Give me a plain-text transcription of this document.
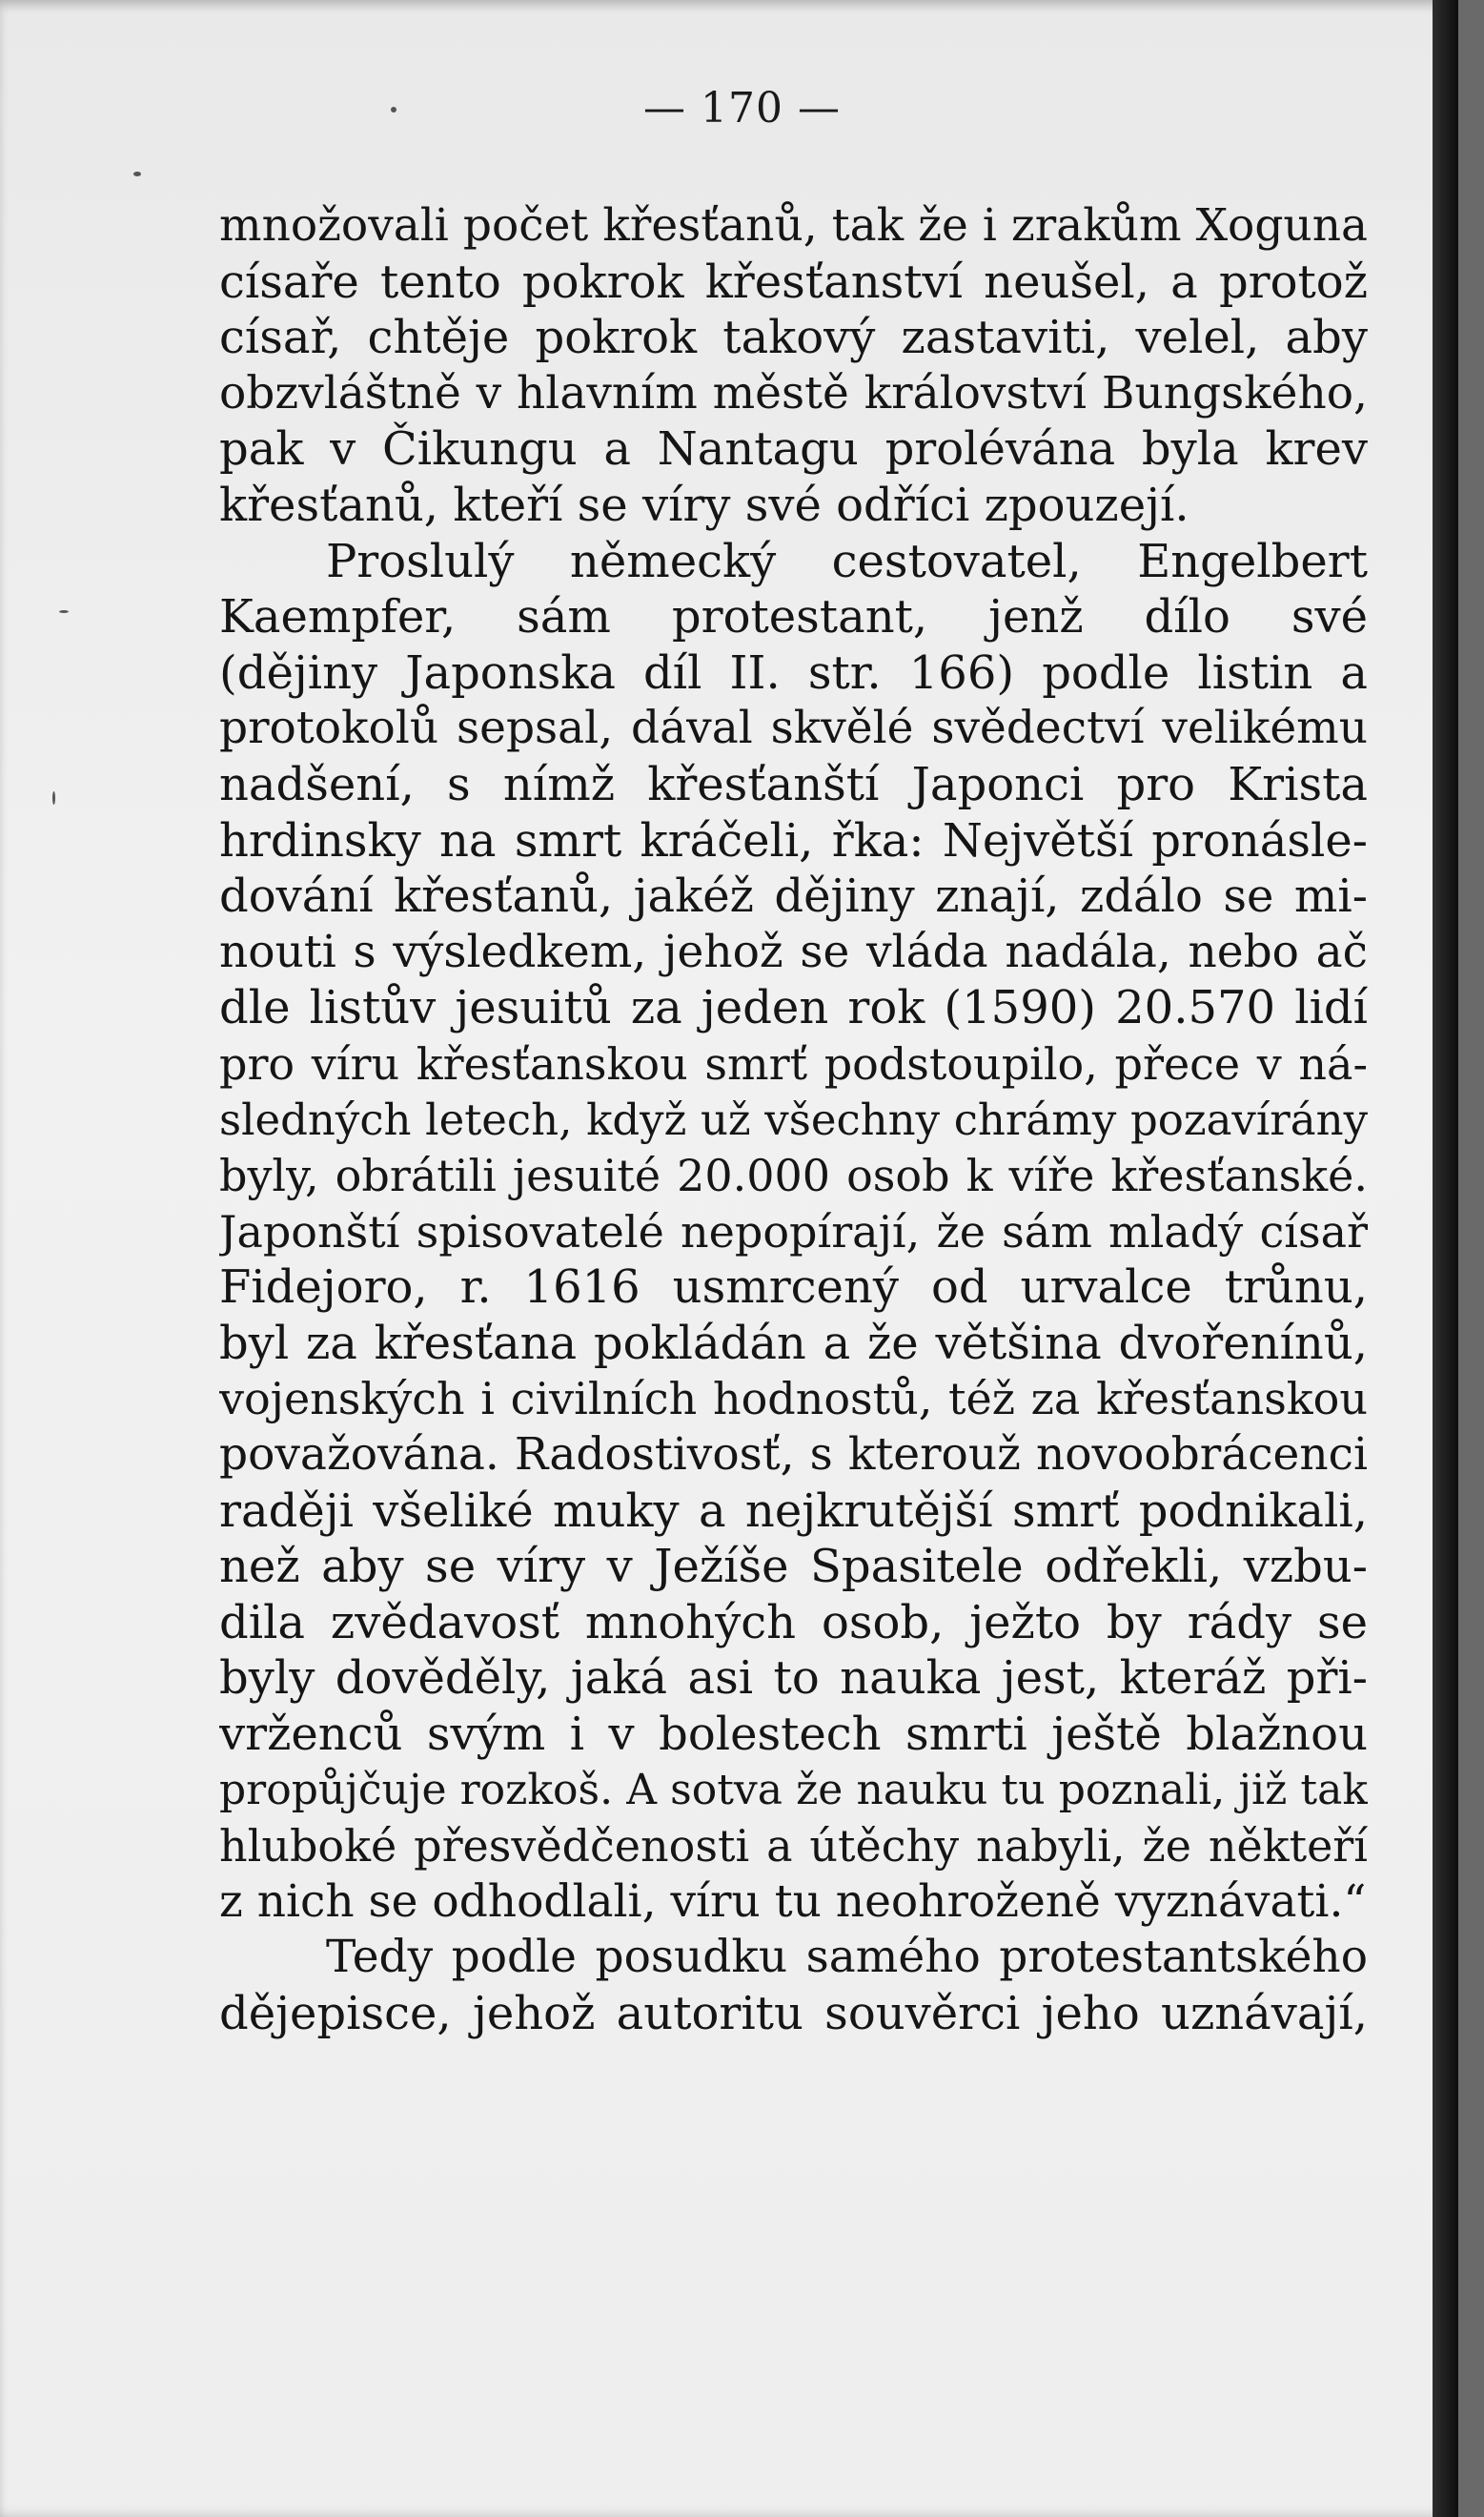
— 170 —
množovali počet křesťanů, tak že i zrakům Xoguna
císaře tento pokrok křesťanství neušel, a protož
císař, chtěje pokrok takový zastaviti, velel, aby
obzvláštně v hlavním městě království Bungského,
pak v Čikungu a Nantagu prolévána byla krev
křesťanů, kteří se víry své odříci zpouzejí.
Proslulý německý cestovatel, Engelbert
Kaempfer, sám protestant, jenž dílo své
(dějiny Japonska díl II. str. 166) podle listin a
protokolů sepsal, dával skvělé svědectví velikému
nadšení, s nímž křesťanští Japonci pro Krista
hrdinsky na smrt kráčeli, řka: Největší pronásle-
dování křesťanů, jakéž dějiny znají, zdálo se mi-
nouti s výsledkem, jehož se vláda nadála, nebo ač
dle listův jesuitů za jeden rok (1590) 20.570 lidí
pro víru křesťanskou smrť podstoupilo, přece v ná-
sledných letech, když už všechny chrámy pozavírány
byly, obrátili jesuité 20.000 osob k víře křesťanské.
Japonští spisovatelé nepopírají, že sám mladý císař
Fidejoro, r. 1616 usmrcený od urvalce trůnu,
byl za křesťana pokládán a že většina dvořenínů,
vojenských i civilních hodnostů, též za křesťanskou
považována. Radostivosť, s kterouž novoobrácenci
raději všeliké muky a nejkrutější smrť podnikali,
než aby se víry v Ježíše Spasitele odřekli, vzbu-
dila zvědavosť mnohých osob, ježto by rády se
byly dověděly, jaká asi to nauka jest, kteráž při-
vrženců svým i v bolestech smrti ještě blažnou
propůjčuje rozkoš. A sotva že nauku tu poznali, již tak
hluboké přesvědčenosti a útěchy nabyli, že někteří
z nich se odhodlali, víru tu neohroženě vyznávati.“
Tedy podle posudku samého protestantského
dějepisce, jehož autoritu souvěrci jeho uznávají,
